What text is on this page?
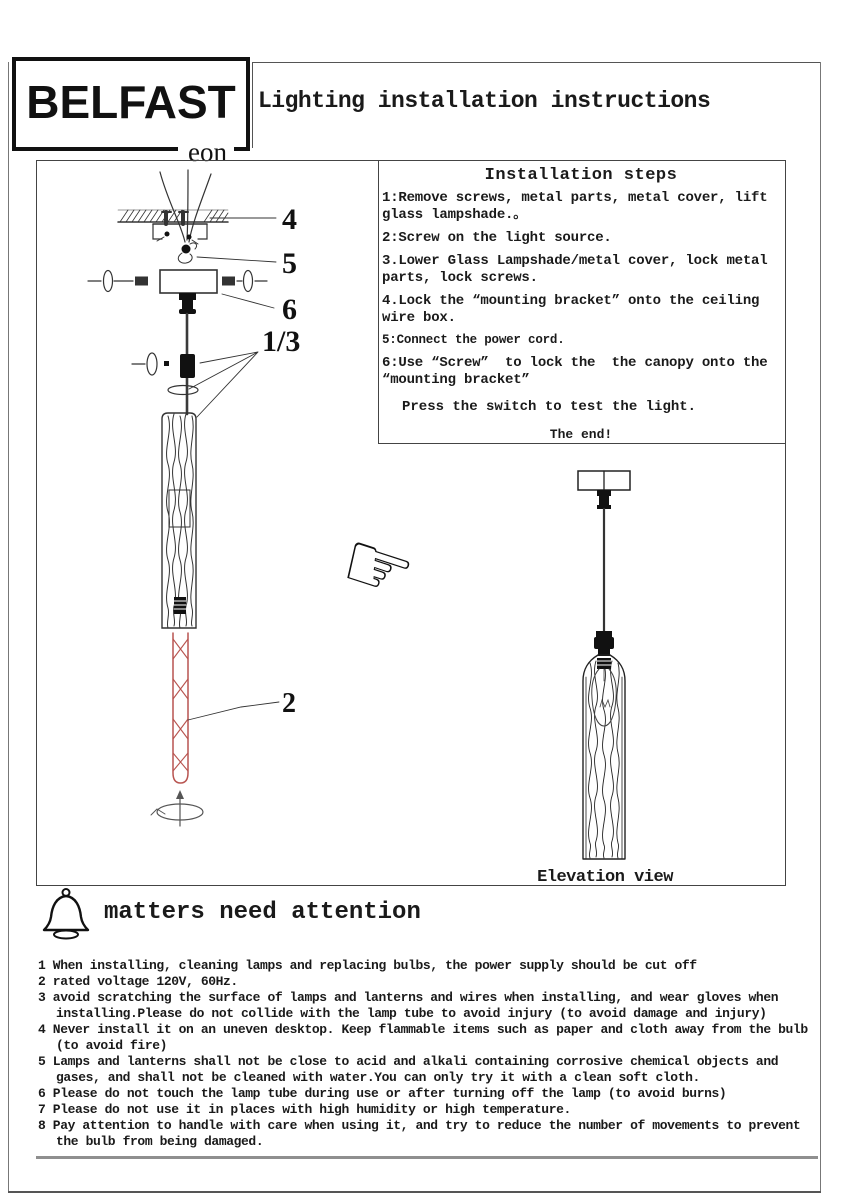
BELFAST
eon
Lighting installation instructions
Installation steps

1:Remove screws, metal parts, metal cover, lift glass lampshade.。

2:Screw on the light source.

3.Lower Glass Lampshade/metal cover, lock metal parts, lock screws.

4.Lock the “mounting bracket” onto the ceiling wire box.

5:Connect the power cord.

6:Use “Screw”  to lock the  the canopy onto the “mounting bracket”

Press the switch to test the light.

The end!

4
5
6
1/3
2
Elevation view
☞
matters need attention
1 When installing, cleaning lamps and replacing bulbs, the power supply should be cut off
2 rated voltage 120V, 60Hz.
3 avoid scratching the surface of lamps and lanterns and wires when installing, and wear gloves when installing.Please do not collide with the lamp tube to avoid injury (to avoid damage and injury)
4 Never install it on an uneven desktop. Keep flammable items such as paper and cloth away from the bulb (to avoid fire)
5 Lamps and lanterns shall not be close to acid and alkali containing corrosive chemical objects and gases, and shall not be cleaned with water.You can only try it with a clean soft cloth.
6 Please do not touch the lamp tube during use or after turning off the lamp (to avoid burns)
7 Please do not use it in places with high humidity or high temperature.
8 Pay attention to handle with care when using it, and try to reduce the number of movements to prevent the bulb from being damaged.
